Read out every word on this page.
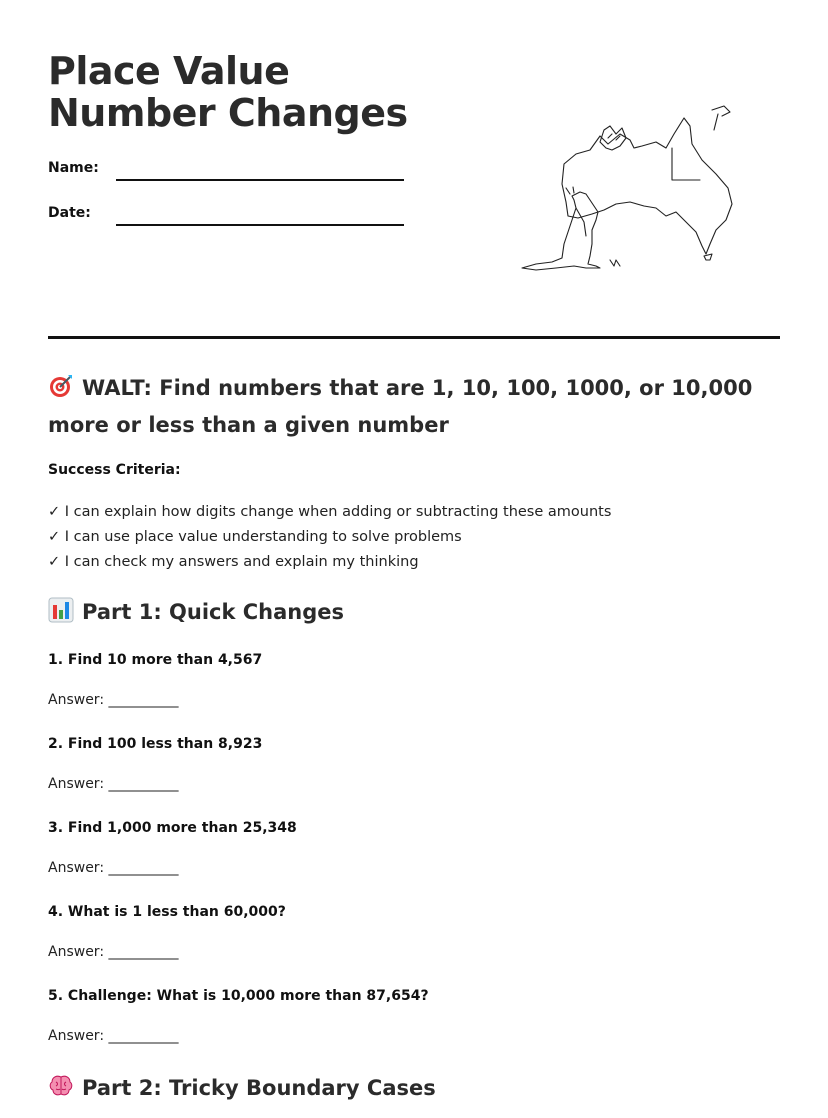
Place Value Number Changes
Name:
Date:
WALT: Find numbers that are 1, 10, 100, 1000, or 10,000 more or less than a given number
Success Criteria:
✓ I can explain how digits change when adding or subtracting these amounts
✓ I can use place value understanding to solve problems
✓ I can check my answers and explain my thinking
Part 1: Quick Changes
1. Find 10 more than 4,567
Answer: __________
2. Find 100 less than 8,923
Answer: __________
3. Find 1,000 more than 25,348
Answer: __________
4. What is 1 less than 60,000?
Answer: __________
5. Challenge: What is 10,000 more than 87,654?
Answer: __________
Part 2: Tricky Boundary Cases
